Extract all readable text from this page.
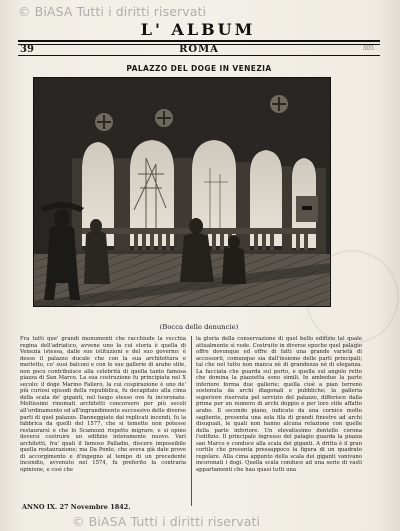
© BiASA Tutti i diritti riservati
L' ALBUM
39	ROMA	305
PALAZZO DEL DOGE IN VENEZIA
(Bocca delle denuncie)
Fra tutti que' grandi monumenti che racchiude la vecchia regina dell'adriatico, avvene uno la cui storia è quella di Venezia istessa, dalle sue istituzioni e del suo governo: è desso il palazzo ducale che con la sua architettura e merletto, co' suoi balconi e con le sue gallerie di arabo stile, non poco contribuisce alla celebrità di quella tanto famosa piazza di San Marco. La sua costruzione fu principiata nel X secolo: il doge Marino Faliero, la cui cospirazione è uno de' più curiosi episodi della repubblica, fu decapitato alla cima della scala de' giganti, nel luogo stesso ove fu incoronato. Moltissimi rinomati architetti concorsero per più secoli all'ordinamento ed all'ingrandimento successivo delle diverse parti di quel palazzo. Danneggiato dai replicati incendi, fu la fabbrica da quelli del 1577, che si temette non potesse restaurarsi e che lo Scamozzi rispetto migrare, e si opino doversi costruire un edifizio interamente nuovo. Vari architetti, fra' quali il famoso Palladio, discere impossibile quella restaurazione; ma Da Ponte, che aveva già date prove di accorgimento e d'ingegno al tempo di un precedente incendio, avvenuto nel 1574, fu preferito la contraria opinione, e così che
la gloria della conservazione di quel bello edifizio tal quale attualmente si vede. Costruito in diverse epoche quel palagio offre dovunque ed offre di fatti una grande varietà di accessorii, comunque sia dall'insieme delle parti principali; tal che nel tutto non manca nè di grandezza nè di eleganza. La facciata che guarda sul porto, e quella sul angolo retto che domina la piazzetta sono simili. In ambedue la parte inferiore forma due gallerie; quella cioè a pian terreno sostenuta da archi diagonali e pubbliche; la galleria superiore riservata pel servizio del palazzo, differisce dalla prima per un numero di archi doppio e per loro stile affatto arabo. Il secondo piano, indicato da una cornice molto sagliente, presenta una sola fila di grandi finestre ad archi disuguali, le quali non hanno alcuna relazione con quelle della parte inferiore. Un elevatissimo dentello corona l'edifizio. Il principale ingresso del palagio guarda la piazza san Marco e conduce alla scala dei giganti. A dritta è il gran cortile che presenta pressappoco la figura di un quadrato regolare. Alla cima appunto della scala dei giganti vanivano incoronati i dogi. Quella scala conduce ad una serie di vasti appartamenti che hau quasi tutti una
ANNO IX. 27 Novembre 1842.
© BiASA Tutti i diritti riservati
